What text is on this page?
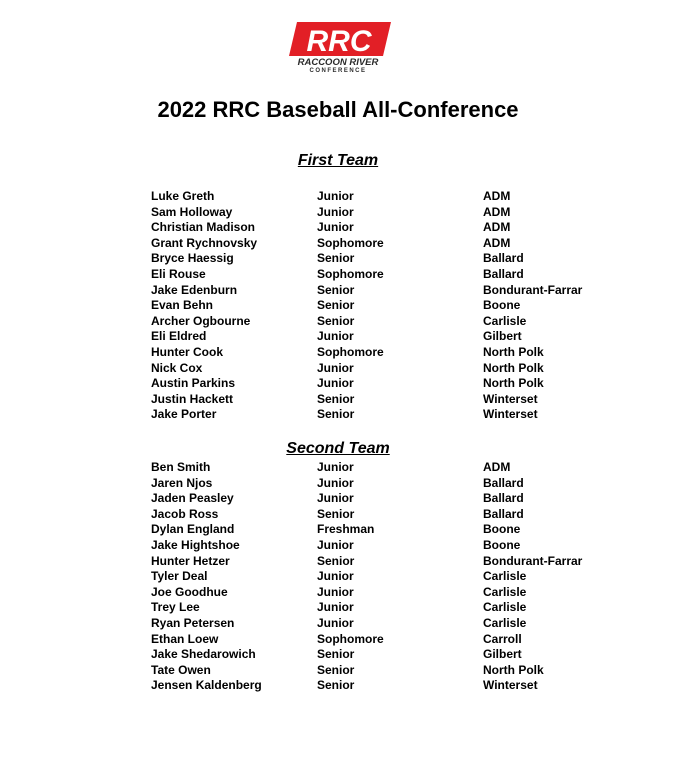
RRC
RACCOON RIVER
CONFERENCE
2022 RRC Baseball All-Conference
First Team
Luke Greth	Junior	ADM
Sam Holloway	Junior	ADM
Christian Madison	Junior	ADM
Grant Rychnovsky	Sophomore	ADM
Bryce Haessig	Senior	Ballard
Eli Rouse	Sophomore	Ballard
Jake Edenburn	Senior	Bondurant-Farrar
Evan Behn	Senior	Boone
Archer Ogbourne	Senior	Carlisle
Eli Eldred	Junior	Gilbert
Hunter Cook	Sophomore	North Polk
Nick Cox	Junior	North Polk
Austin Parkins	Junior	North Polk
Justin Hackett	Senior	Winterset
Jake Porter	Senior	Winterset
Second Team
Ben Smith	Junior	ADM
Jaren Njos	Junior	Ballard
Jaden Peasley	Junior	Ballard
Jacob Ross	Senior	Ballard
Dylan England	Freshman	Boone
Jake Hightshoe	Junior	Boone
Hunter Hetzer	Senior	Bondurant-Farrar
Tyler Deal	Junior	Carlisle
Joe Goodhue	Junior	Carlisle
Trey Lee	Junior	Carlisle
Ryan Petersen	Junior	Carlisle
Ethan Loew	Sophomore	Carroll
Jake Shedarowich	Senior	Gilbert
Tate Owen	Senior	North Polk
Jensen Kaldenberg	Senior	Winterset
